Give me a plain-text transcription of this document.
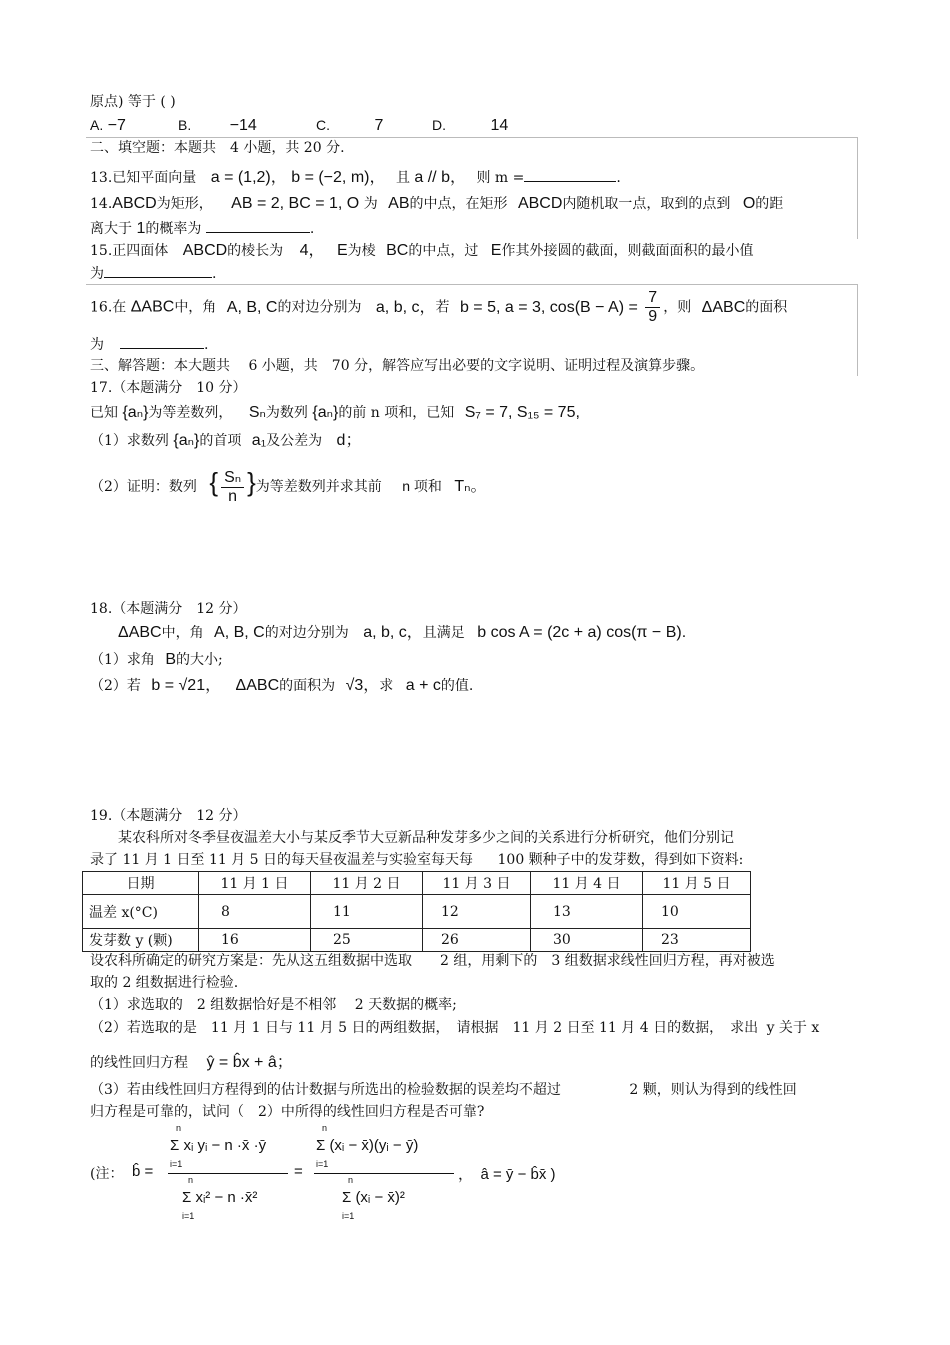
原点) 等于 ( )
A. −7	B. −14	C.	7	D.	14
二、填空题：本题共　4 小题，共 20 分.
13.已知平面向量 a = (1,2)， b = (−2, m)， 且 a // b， 则 m =	.
14.ABCD为矩形， AB = 2, BC = 1, O 为 AB的中点，在矩形 ABCD内随机取一点，取到的点到 O的距
离大于 1的概率为	.
15.正四面体 ABCD的棱长为 4， E为棱 BC的中点，过 E作其外接圆的截面，则截面面积的最小值
为	.
16.在 ΔABC中，角 A, B, C的对边分别为 a, b, c，若 b = 5, a = 3, $\cos(B - A) = \frac{7}{9}$ ，则 ΔABC的面积
为	.
三、解答题：本大题共　 6 小题，共　70 分，解答应写出必要的文字说明、证明过程及演算步骤。
17.（本题满分　10 分）
已知 {aₙ}为等差数列， Sₙ为数列 {aₙ}的前 n 项和，已知 S₇ = 7, S₁₅ = 75,
（1）求数列 {aₙ}的首项 a₁及公差为 d；
（2）证明：数列 { $\frac{\text{Sₙ}}{n}$ }为等差数列并求其前 n 项和 Tₙ。
18.（本题满分　12 分）
ΔABC中，角 A, B, C的对边分别为 a, b, c，且满足 b cos A = (2c + a) cos(π − B).
（1）求角 B的大小;
（2）若 b = √21， ΔABC的面积为 √3，求 a + c的值.
19.（本题满分　12 分）
某农科所对冬季昼夜温差大小与某反季节大豆新品种发芽多少之间的关系进行分析研究，他们分别记
录了 11 月 1 日至 11 月 5 日的每天昼夜温差与实验室每天每 100 颗种子中的发芽数，得到如下资料:
日期	11 月 1 日	11 月 2 日	11 月 3 日	11 月 4 日	11 月 5 日
温差 x(°C)	8	11	12	13	10
发芽数 y (颗)	16	25	26	30	23
设农科所确定的研究方案是：先从这五组数据中选取　　2 组，用剩下的　3 组数据求线性回归方程，再对被选
取的 2 组数据进行检验.
（1）求选取的　2 组数据恰好是不相邻　 2 天数据的概率;
（2）若选取的是　11 月 1 日与 11 月 5 日的两组数据，　请根据　11 月 2 日至 11 月 4 日的数据，　求出 y 关于 x
的线性回归方程 ŷ = b̂x + â；
（3）若由线性回归方程得到的估计数据与所选出的检验数据的误差均不超过	2 颗，则认为得到的线性回
归方程是可靠的，试问（　2）中所得的线性回归方程是否可靠?
(注： b̂ =
n
Σ xᵢ yᵢ − n ·x̄ ·ȳ
i=1
n
Σ xᵢ² − n ·x̄²
i=1
=
n
Σ (xᵢ − x̄)(yᵢ − ȳ)
i=1
n
Σ (xᵢ − x̄)²
i=1
，　â = ȳ − b̂x̄ )
